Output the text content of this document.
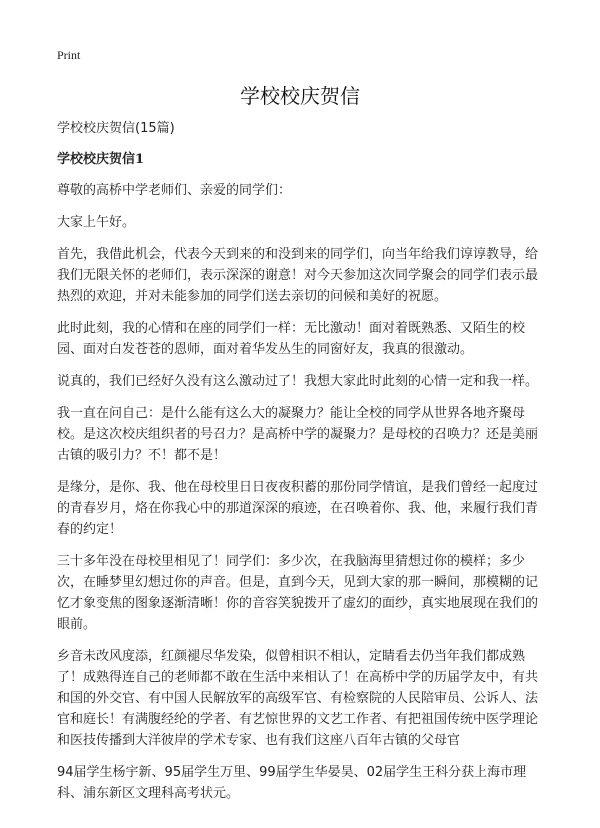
Print
学校校庆贺信

学校校庆贺信(15篇)

学校校庆贺信1

尊敬的高桥中学老师们、亲爱的同学们：

大家上午好。

首先，我借此机会，代表今天到来的和没到来的同学们，向当年给我们谆谆教导，给我们无限关怀的老师们，表示深深的谢意！对今天参加这次同学聚会的同学们表示最热烈的欢迎，并对未能参加的同学们送去亲切的问候和美好的祝愿。

此时此刻，我的心情和在座的同学们一样：无比激动！面对着既熟悉、又陌生的校园、面对白发苍苍的恩师，面对着华发丛生的同窗好友，我真的很激动。

说真的，我们已经好久没有这么激动过了！我想大家此时此刻的心情一定和我一样。

我一直在问自己：是什么能有这么大的凝聚力？能让全校的同学从世界各地齐聚母校。是这次校庆组织者的号召力？是高桥中学的凝聚力？是母校的召唤力？还是美丽古镇的吸引力？不！都不是！

是缘分，是你、我、他在母校里日日夜夜积蓄的那份同学情谊，是我们曾经一起度过的青春岁月，烙在你我心中的那道深深的痕迹，在召唤着你、我、他，来履行我们青春的约定！

三十多年没在母校里相见了！同学们：多少次，在我脑海里猜想过你的模样；多少次，在睡梦里幻想过你的声音。但是，直到今天，见到大家的那一瞬间，那模糊的记忆才象变焦的图象逐渐清晰！你的音容笑貌拨开了虚幻的面纱，真实地展现在我们的眼前。

乡音未改风度添，红颜褪尽华发染，似曾相识不相认，定睛看去仍当年我们都成熟了！成熟得连自己的老师都不敢在生活中来相认了！在高桥中学的历届学友中，有共和国的外交官、有中国人民解放军的高级军官、有检察院的人民陪审员、公诉人、法官和庭长！有满腹经纶的学者、有艺惊世界的文艺工作者、有把祖国传统中医学理论和医技传播到大洋彼岸的学术专家、也有我们这座八百年古镇的父母官

94届学生杨宇新、95届学生万里、99届学生华晏昊、02届学生王科分获上海市理科、浦东新区文理科高考状元。
